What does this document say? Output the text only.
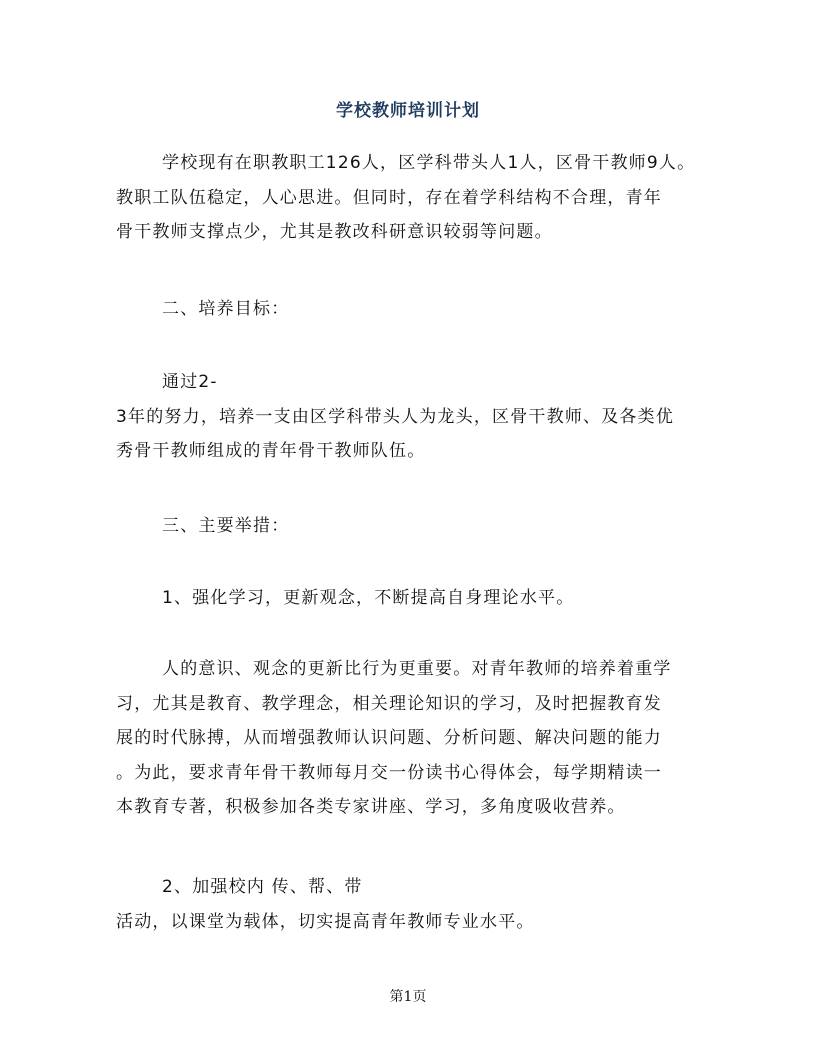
学校教师培训计划
学校现有在职教职工126人，区学科带头人1人，区骨干教师9人。
教职工队伍稳定，人心思进。但同时，存在着学科结构不合理，青年
骨干教师支撑点少，尤其是教改科研意识较弱等问题。
二、培养目标：
通过2-
3年的努力，培养一支由区学科带头人为龙头，区骨干教师、及各类优
秀骨干教师组成的青年骨干教师队伍。
三、主要举措：
1、强化学习，更新观念，不断提高自身理论水平。
人的意识、观念的更新比行为更重要。对青年教师的培养着重学
习，尤其是教育、教学理念，相关理论知识的学习，及时把握教育发
展的时代脉搏，从而增强教师认识问题、分析问题、解决问题的能力
。为此，要求青年骨干教师每月交一份读书心得体会，每学期精读一
本教育专著，积极参加各类专家讲座、学习，多角度吸收营养。
2、加强校内 传、帮、带
活动，以课堂为载体，切实提高青年教师专业水平。
第1页
